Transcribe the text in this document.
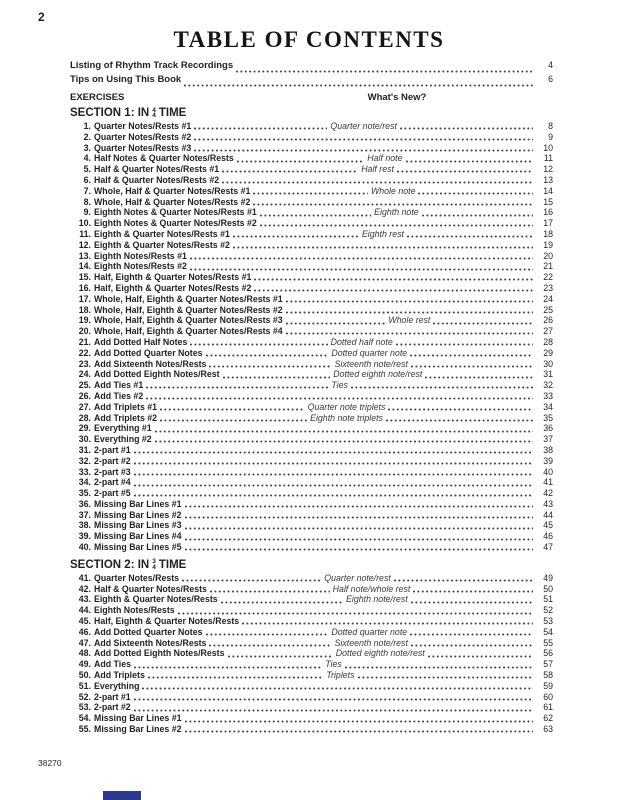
2
TABLE OF CONTENTS
Listing of Rhythm Track Recordings	4
Tips on Using This Book	6
EXERCISES	What's New?
SECTION 1: IN 4
4 TIME
1. Quarter Notes/Rests #1	Quarter note/rest	8
2. Quarter Notes/Rests #2	9
3. Quarter Notes/Rests #3	10
4. Half Notes & Quarter Notes/Rests	Half note	11
5. Half & Quarter Notes/Rests #1	Half rest	12
6. Half & Quarter Notes/Rests #2	13
7. Whole, Half & Quarter Notes/Rests #1	Whole note	14
8. Whole, Half & Quarter Notes/Rests #2	15
9. Eighth Notes & Quarter Notes/Rests #1	Eighth note	16
10. Eighth Notes & Quarter Notes/Rests #2	17
11. Eighth & Quarter Notes/Rests #1	Eighth rest	18
12. Eighth & Quarter Notes/Rests #2	19
13. Eighth Notes/Rests #1	20
14. Eighth Notes/Rests #2	21
15. Half, Eighth & Quarter Notes/Rests #1	22
16. Half, Eighth & Quarter Notes/Rests #2	23
17. Whole, Half, Eighth & Quarter Notes/Rests #1	24
18. Whole, Half, Eighth & Quarter Notes/Rests #2	25
19. Whole, Half, Eighth & Quarter Notes/Rests #3	Whole rest	26
20. Whole, Half, Eighth & Quarter Notes/Rests #4	27
21. Add Dotted Half Notes	Dotted half note	28
22. Add Dotted Quarter Notes	Dotted quarter note	29
23. Add Sixteenth Notes/Rests	Sixteenth note/rest	30
24. Add Dotted Eighth Notes/Rest	Dotted eighth note/rest	31
25. Add Ties #1	Ties	32
26. Add Ties #2	33
27. Add Triplets #1	Quarter note triplets	34
28. Add Triplets #2	Eighth note triplets	35
29. Everything #1	36
30. Everything #2	37
31. 2-part #1	38
32. 2-part #2	39
33. 2-part #3	40
34. 2-part #4	41
35. 2-part #5	42
36. Missing Bar Lines #1	43
37. Missing Bar Lines #2	44
38. Missing Bar Lines #3	45
39. Missing Bar Lines #4	46
40. Missing Bar Lines #5	47
SECTION 2: IN 3
4 TIME
41. Quarter Notes/Rests	Quarter note/rest	49
42. Half & Quarter Notes/Rests	Half note/whole rest	50
43. Eighth & Quarter Notes/Rests	Eighth note/rest	51
44. Eighth Notes/Rests	52
45. Half, Eighth & Quarter Notes/Rests	53
46. Add Dotted Quarter Notes	Dotted quarter note	54
47. Add Sixteenth Notes/Rests	Sixteenth note/rest	55
48. Add Dotted Eighth Notes/Rests	Dotted eighth note/rest	56
49. Add Ties	Ties	57
50. Add Triplets	Triplets	58
51. Everything	59
52. 2-part #1	60
53. 2-part #2	61
54. Missing Bar Lines #1	62
55. Missing Bar Lines #2	63
38270
